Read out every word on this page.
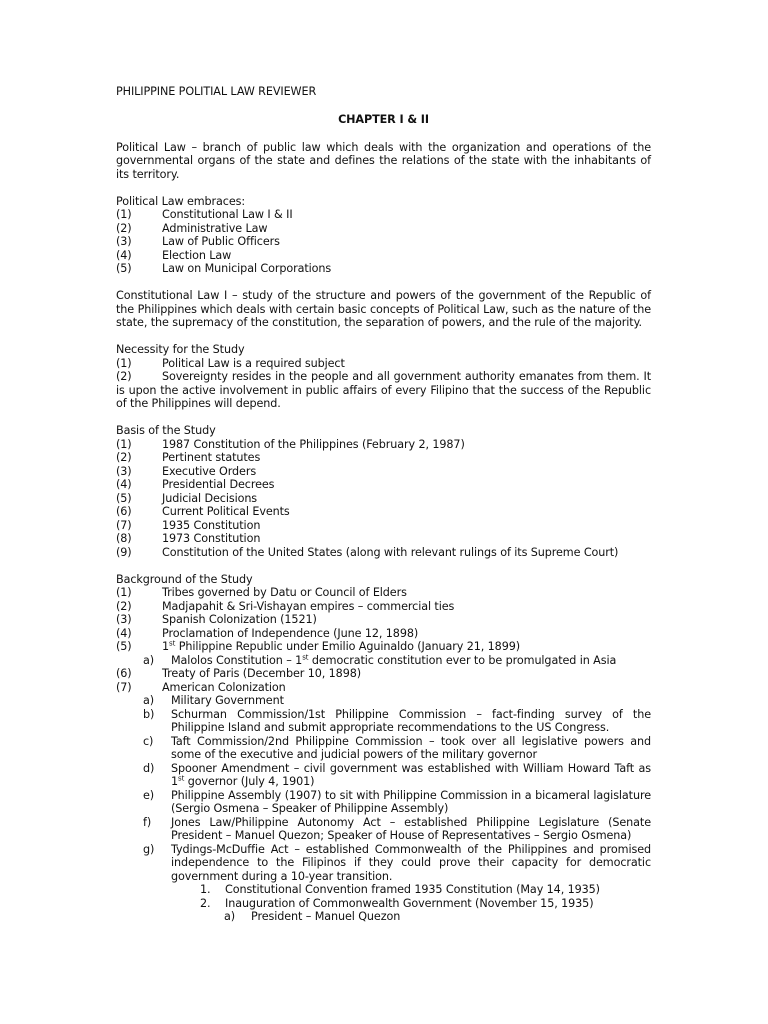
PHILIPPINE POLITIAL LAW REVIEWER
CHAPTER I & II

Political Law – branch of public law which deals with the organization and operations of the governmental organs of the state and defines the relations of the state with the inhabitants of its territory.

Political Law embraces:
(1)	Constitutional Law I & II
(2)	Administrative Law
(3)	Law of Public Officers
(4)	Election Law
(5)	Law on Municipal Corporations

Constitutional Law I – study of the structure and powers of the government of the Republic of the Philippines which deals with certain basic concepts of Political Law, such as the nature of the state, the supremacy of the constitution, the separation of powers, and the rule of the majority.

Necessity for the Study
(1)	Political Law is a required subject
(2)	Sovereignty resides in the people and all government authority emanates from them. It is upon the active involvement in public affairs of every Filipino that the success of the Republic of the Philippines will depend.
Basis of the Study
(1)	1987 Constitution of the Philippines (February 2, 1987)
(2)	Pertinent statutes
(3)	Executive Orders
(4)	Presidential Decrees
(5)	Judicial Decisions
(6)	Current Political Events
(7)	1935 Constitution
(8)	1973 Constitution
(9)	Constitution of the United States (along with relevant rulings of its Supreme Court)
Background of the Study
(1)	Tribes governed by Datu or Council of Elders
(2)	Madjapahit & Sri-Vishayan empires – commercial ties
(3)	Spanish Colonization (1521)
(4)	Proclamation of Independence (June 12, 1898)
(5)	1st Philippine Republic under Emilio Aguinaldo (January 21, 1899)
a)	Malolos Constitution – 1st democratic constitution ever to be promulgated in Asia
(6)	Treaty of Paris (December 10, 1898)
(7)	American Colonization
a)	Military Government
b)	Schurman Commission/1st Philippine Commission – fact-finding survey of the Philippine Island and submit appropriate recommendations to the US Congress.
c)	Taft Commission/2nd Philippine Commission – took over all legislative powers and some of the executive and judicial powers of the military governor
d)	Spooner Amendment – civil government was established with William Howard Taft as 1st governor (July 4, 1901)
e)	Philippine Assembly (1907) to sit with Philippine Commission in a bicameral lagislature (Sergio Osmena – Speaker of Philippine Assembly)
f)	Jones Law/Philippine Autonomy Act – established Philippine Legislature (Senate President – Manuel Quezon; Speaker of House of Representatives – Sergio Osmena)
g)	Tydings-McDuffie Act – established Commonwealth of the Philippines and promised independence to the Filipinos if they could prove their capacity for democratic government during a 10-year transition.
1.	Constitutional Convention framed 1935 Constitution (May 14, 1935)
2.	Inauguration of Commonwealth Government (November 15, 1935)
a)	President – Manuel Quezon
